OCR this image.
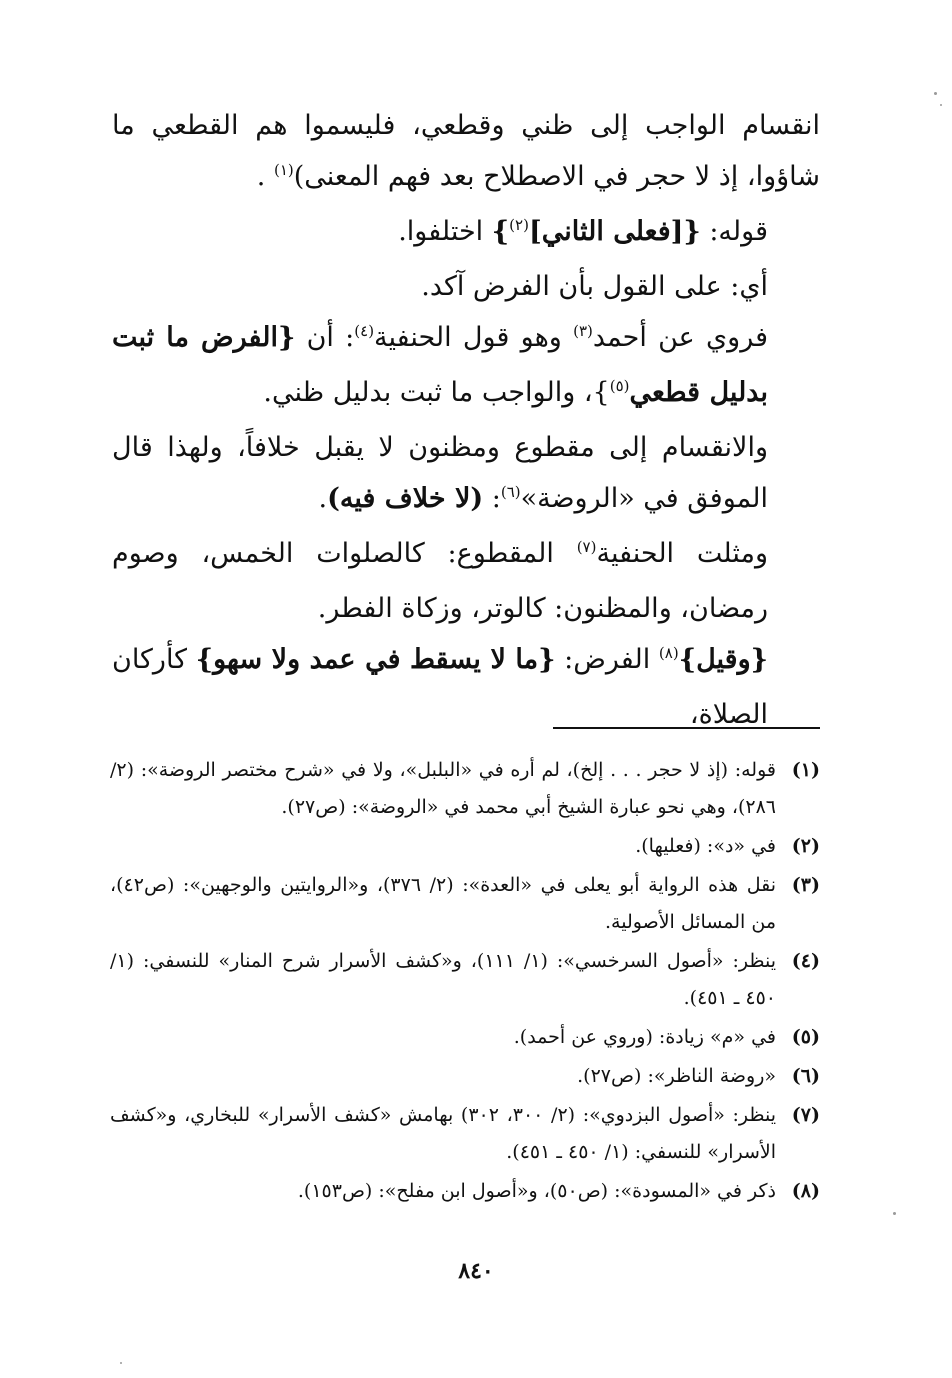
انقسام الواجب إلى ظني وقطعي، فليسموا هم القطعي ما شاؤوا، إذ لا حجر في الاصطلاح بعد فهم المعنى)$^{(١)}$ .

قوله: {[فعلى الثاني]$^{(٢)}$} اختلفوا.

أي: على القول بأن الفرض آكد.

فروي عن أحمد$^{(٣)}$ وهو قول الحنفية$^{(٤)}$: أن {الفرض ما ثبت بدليل قطعي$^{(٥)}$}، والواجب ما ثبت بدليل ظني.

والانقسام إلى مقطوع ومظنون لا يقبل خلافاً، ولهذا قال الموفق في «الروضة»$^{(٦)}$: (لا خلاف فيه).

ومثلت الحنفية$^{(٧)}$ المقطوع: كالصلوات الخمس، وصوم رمضان، والمظنون: كالوتر، وزكاة الفطر.

{وقيل}$^{(٨)}$ الفرض: {ما لا يسقط في عمد ولا سهو} كأركان الصلاة،

(١)
قوله: (إذ لا حجر . . . إلخ)، لم أره في «البلبل»، ولا في «شرح مختصر الروضة»: (٢/ ٢٨٦)، وهي نحو عبارة الشيخ أبي محمد في «الروضة»: (ص٢٧).
(٢)
في «د»: (فعليها).
(٣)
نقل هذه الرواية أبو يعلى في «العدة»: (٢/ ٣٧٦)، و«الروايتين والوجهين»: (ص٤٢)، من المسائل الأصولية.
(٤)
ينظر: «أصول السرخسي»: (١/ ١١١)، و«كشف الأسرار شرح المنار» للنسفي: (١/ ٤٥٠ ـ ٤٥١).
(٥)
في «م» زيادة: (وروي عن أحمد).
(٦)
«روضة الناظر»: (ص٢٧).
(٧)
ينظر: «أصول البزدوي»: (٢/ ٣٠٠، ٣٠٢) بهامش «كشف الأسرار» للبخاري، و«كشف الأسرار» للنسفي: (١/ ٤٥٠ ـ ٤٥١).
(٨)
ذكر في «المسودة»: (ص٥٠)، و«أصول ابن مفلح»: (ص١٥٣).
٨٤٠
